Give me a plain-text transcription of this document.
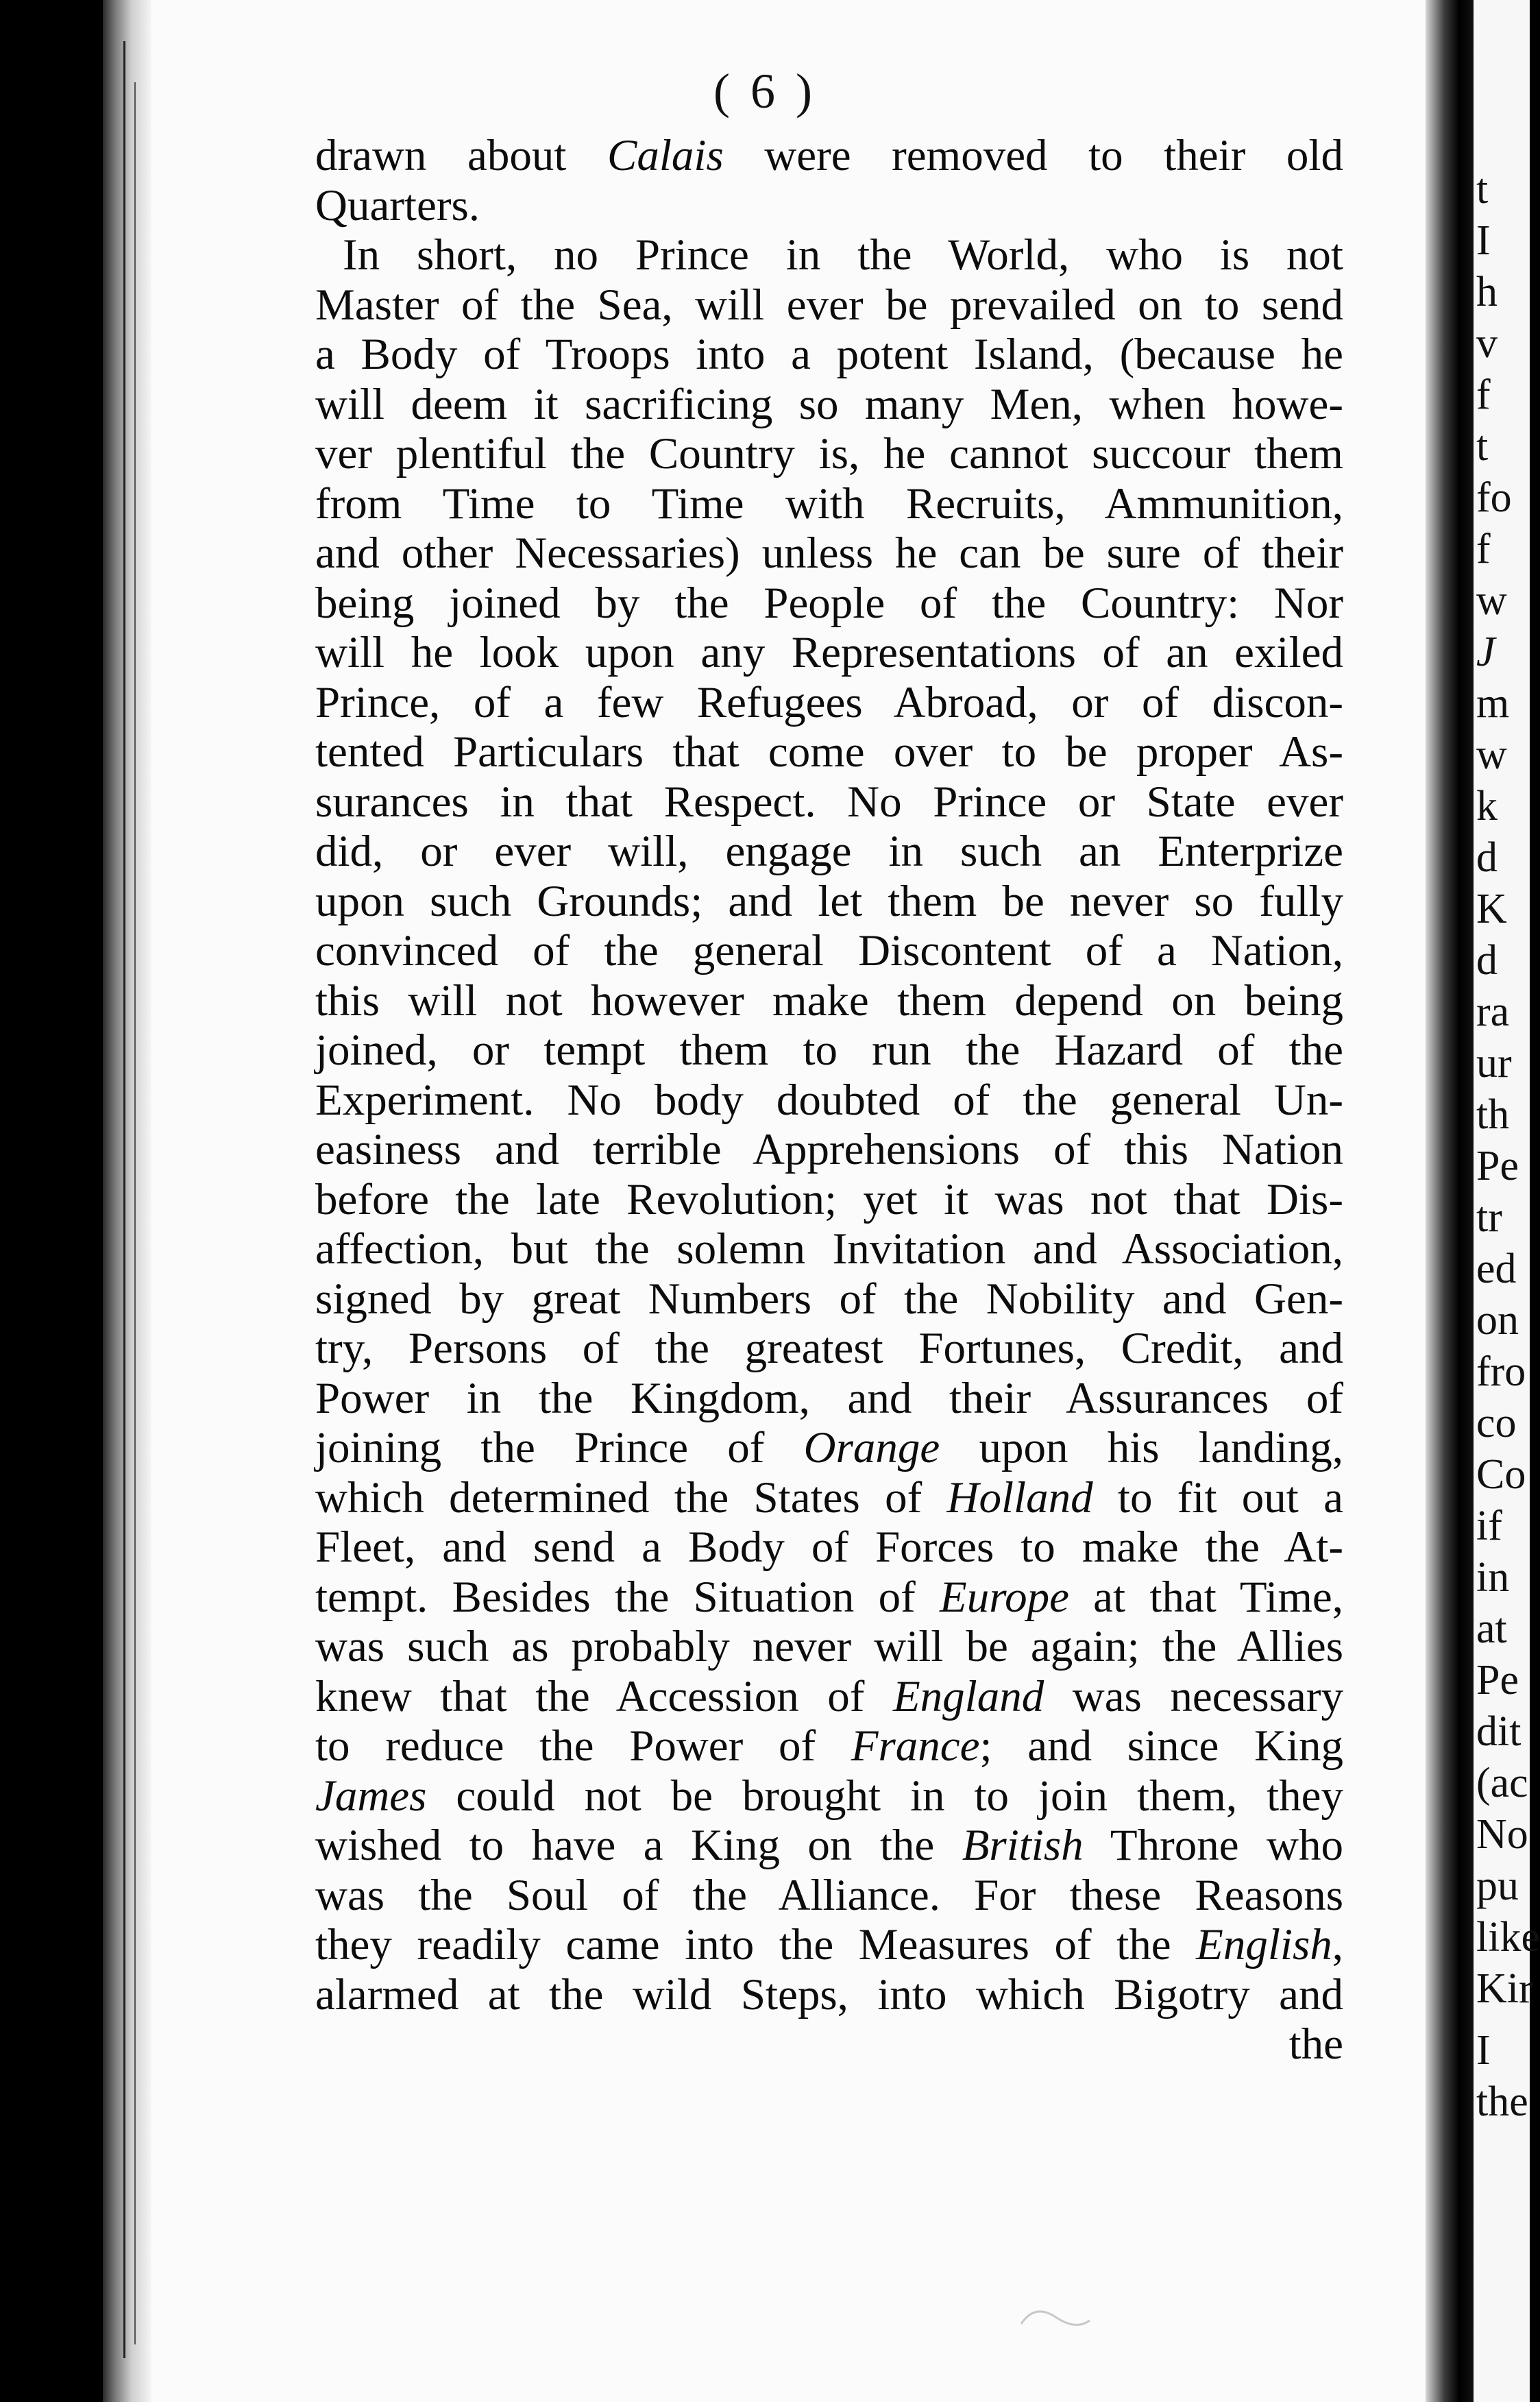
t
I
h
v
f
t
fo
f
w
J
m
w
k
d
K
d
ra
ur
th
Pe
tr
ed
on
fro
co
Co
if
in
at
Pe
dit
(ac
No
pu
like
Kir
I
the
( 6 )
drawn about Calais were removed to their old
Quarters.
In short, no Prince in the World, who is not
Master of the Sea, will ever be prevailed on to send
a Body of Troops into a potent Island, (because he
will deem it sacrificing so many Men, when howe-
ver plentiful the Country is, he cannot succour them
from Time to Time with Recruits, Ammunition,
and other Necessaries) unless he can be sure of their
being joined by the People of the Country: Nor
will he look upon any Representations of an exiled
Prince, of a few Refugees Abroad, or of discon-
tented Particulars that come over to be proper As-
surances in that Respect. No Prince or State ever
did, or ever will, engage in such an Enterprize
upon such Grounds; and let them be never so fully
convinced of the general Discontent of a Nation,
this will not however make them depend on being
joined, or tempt them to run the Hazard of the
Experiment. No body doubted of the general Un-
easiness and terrible Apprehensions of this Nation
before the late Revolution; yet it was not that Dis-
affection, but the solemn Invitation and Association,
signed by great Numbers of the Nobility and Gen-
try, Persons of the greatest Fortunes, Credit, and
Power in the Kingdom, and their Assurances of
joining the Prince of Orange upon his landing,
which determined the States of Holland to fit out a
Fleet, and send a Body of Forces to make the At-
tempt. Besides the Situation of Europe at that Time,
was such as probably never will be again; the Allies
knew that the Accession of England was necessary
to reduce the Power of France; and since King
James could not be brought in to join them, they
wished to have a King on the British Throne who
was the Soul of the Alliance. For these Reasons
they readily came into the Measures of the English,
alarmed at the wild Steps, into which Bigotry and
the
